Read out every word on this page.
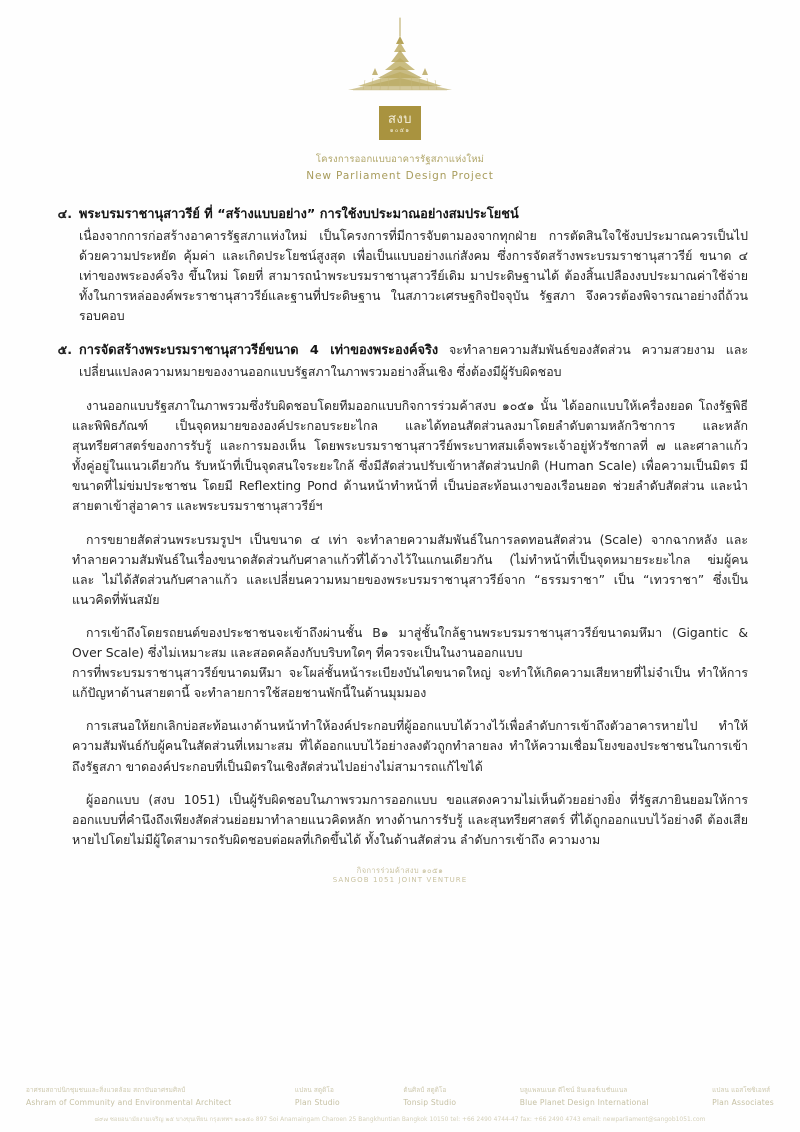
สงบ
๑๐๕๑
โครงการออกแบบอาคารรัฐสภาแห่งใหม่
New Parliament Design Project
๔. พระบรมราชานุสาวรีย์ ที่ “สร้างแบบอย่าง” การใช้งบประมาณอย่างสมประโยชน์
เนื่องจากการก่อสร้างอาคารรัฐสภาแห่งใหม่ เป็นโครงการที่มีการจับตามองจากทุกฝ่าย การตัดสินใจใช้งบประมาณควรเป็นไปด้วยความประหยัด คุ้มค่า และเกิดประโยชน์สูงสุด เพื่อเป็นแบบอย่างแก่สังคม ซึ่งการจัดสร้างพระบรมราชานุสาวรีย์ ขนาด ๔ เท่าของพระองค์จริง ขึ้นใหม่ โดยที่ สามารถนำพระบรมราชานุสาวรีย์เดิม มาประดิษฐานได้ ต้องสิ้นเปลืองงบประมาณค่าใช้จ่าย ทั้งในการหล่อองค์พระราชานุสาวรีย์และฐานที่ประดิษฐาน ในสภาวะเศรษฐกิจปัจจุบัน รัฐสภา จึงควรต้องพิจารณาอย่างถี่ถ้วน รอบคอบ
๕. การจัดสร้างพระบรมราชานุสาวรีย์ขนาด 4 เท่าของพระองค์จริง จะทำลายความสัมพันธ์ของสัดส่วน ความสวยงาม และเปลี่ยนแปลงความหมายของงานออกแบบรัฐสภาในภาพรวมอย่างสิ้นเชิง ซึ่งต้องมีผู้รับผิดชอบ

งานออกแบบรัฐสภาในภาพรวมซึ่งรับผิดชอบโดยทีมออกแบบกิจการร่วมค้าสงบ ๑๐๕๑ นั้น ได้ออกแบบให้เครื่องยอด โถงรัฐพิธี และพิพิธภัณฑ์ เป็นจุดหมายขององค์ประกอบระยะไกล และได้ทอนสัดส่วนลงมาโดยลำดับตามหลักวิชาการ และหลักสุนทรียศาสตร์ของการรับรู้ และการมองเห็น โดยพระบรมราชานุสาวรีย์พระบาทสมเด็จพระเจ้าอยู่หัวรัชกาลที่ ๗ และศาลาแก้ว ทั้งคู่อยู่ในแนวเดียวกัน รับหน้าที่เป็นจุดสนใจระยะใกล้ ซึ่งมีสัดส่วนปรับเข้าหาสัดส่วนปกติ (Human Scale) เพื่อความเป็นมิตร มีขนาดที่ไม่ข่มประชาชน โดยมี Reflexting Pond ด้านหน้าทำหน้าที่ เป็นบ่อสะท้อนเงาของเรือนยอด ช่วยลำดับสัดส่วน และนำสายตาเข้าสู่อาคาร และพระบรมราชานุสาวรีย์ฯ

การขยายสัดส่วนพระบรมรูปฯ เป็นขนาด ๔ เท่า จะทำลายความสัมพันธ์ในการลดทอนสัดส่วน (Scale) จากฉากหลัง และทำลายความสัมพันธ์ในเรื่องขนาดสัดส่วนกับศาลาแก้วที่ได้วางไว้ในแกนเดียวกัน (ไม่ทำหน้าที่เป็นจุดหมายระยะไกล ข่มผู้คน และ ไม่ได้สัดส่วนกับศาลาแก้ว และเปลี่ยนความหมายของพระบรมราชานุสาวรีย์จาก “ธรรมราชา” เป็น “เทวราชา” ซึ่งเป็นแนวคิดที่พ้นสมัย

การเข้าถึงโดยรถยนต์ของประชาชนจะเข้าถึงผ่านชั้น B๑ มาสู่ชั้นใกล้ฐานพระบรมราชานุสาวรีย์ขนาดมหึมา (Gigantic & Over Scale) ซึ่งไม่เหมาะสม และสอดคล้องกับบริบทใดๆ ที่ควรจะเป็นในงานออกแบบ

การที่พระบรมราชานุสาวรีย์ขนาดมหึมา จะโผล่ชั้นหน้าระเบียงบันไดขนาดใหญ่ จะทำให้เกิดความเสียหายที่ไม่จำเป็น ทำให้การแก้ปัญหาด้านสายตานี้ จะทำลายการใช้สอยชานพักนี้ในด้านมุมมอง

การเสนอให้ยกเลิกบ่อสะท้อนเงาด้านหน้าทำให้องค์ประกอบที่ผู้ออกแบบได้วางไว้เพื่อลำดับการเข้าถึงตัวอาคารหายไป ทำให้ความสัมพันธ์กับผู้คนในสัดส่วนที่เหมาะสม ที่ได้ออกแบบไว้อย่างลงตัวถูกทำลายลง ทำให้ความเชื่อมโยงของประชาชนในการเข้าถึงรัฐสภา ขาดองค์ประกอบที่เป็นมิตรในเชิงสัดส่วนไปอย่างไม่สามารถแก้ไขได้

ผู้ออกแบบ (สงบ 1051) เป็นผู้รับผิดชอบในภาพรวมการออกแบบ ขอแสดงความไม่เห็นด้วยอย่างยิ่ง ที่รัฐสภายินยอมให้การออกแบบที่คำนึงถึงเพียงสัดส่วนย่อยมาทำลายแนวคิดหลัก ทางด้านการรับรู้ และสุนทรียศาสตร์ ที่ได้ถูกออกแบบไว้อย่างดี ต้องเสียหายไปโดยไม่มีผู้ใดสามารถรับผิดชอบต่อผลที่เกิดขึ้นได้ ทั้งในด้านสัดส่วน ลำดับการเข้าถึง ความงาม

กิจการร่วมค้าสงบ ๑๐๕๑
SANGOB 1051 JOINT VENTURE
อาศรมสถาปนิกชุมชนและสิ่งแวดล้อม สถาบันอาศรมศิลป์
Ashram of Community and Environmental Architect
แปลน สตูดิโอ
Plan Studio
ต้นศิลป์ สตูดิโอ
Tonsip Studio
บลูแพลนเนต ดีไซน์ อินเตอร์เนชั่นแนล
Blue Planet Design International
แปลน แอสโซซิเอทส์
Plan Associates
๘๙๗ ซอยอนามัยงามเจริญ ๒๕ บางขุนเทียน กรุงเทพฯ ๑๐๑๕๐ 897 Soi Anamaingam Charoen 25 Bangkhuntian Bangkok 10150 tel: +66 2490 4744-47 fax: +66 2490 4743 email: newparliament@sangob1051.com
